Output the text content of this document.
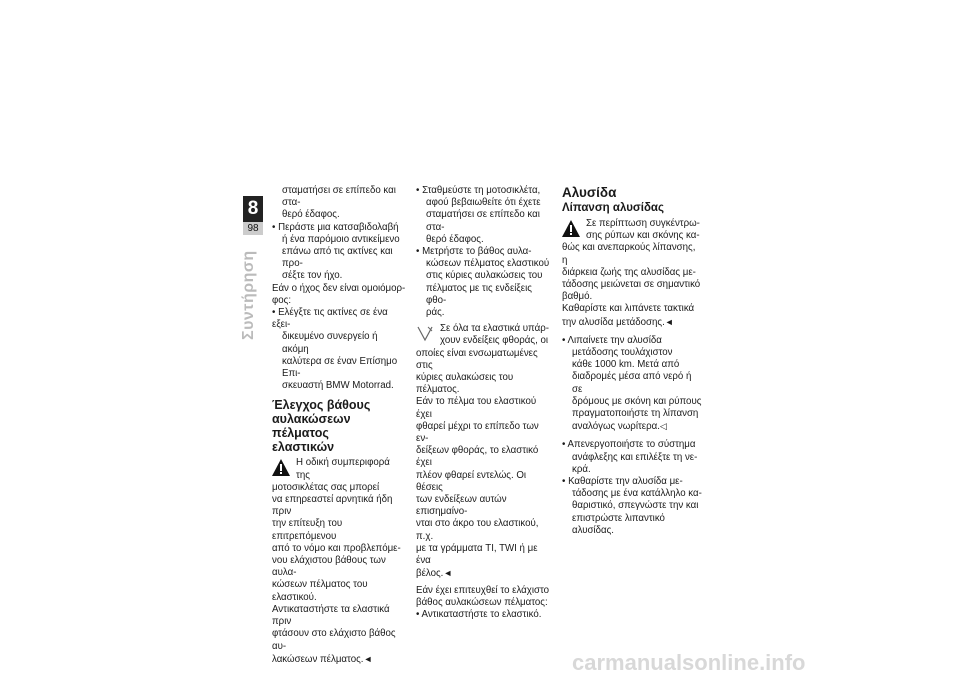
8
98
Συντήρηση

σταματήσει σε επίπεδο και στα-

θερό έδαφος.

• Περάστε μια κατσαβιδολαβή

ή ένα παρόμοιο αντικείμενο

επάνω από τις ακτίνες και προ-

σέξτε τον ήχο.

Εάν ο ήχος δεν είναι ομοιόμορ-

φος:

• Ελέγξτε τις ακτίνες σε ένα εξει-

δικευμένο συνεργείο ή ακόμη

καλύτερα σε έναν Επίσημο Επι-

σκευαστή BMW Motorrad.

Έλεγχος βάθους
αυλακώσεων πέλματος
ελαστικών

Η οδική συμπεριφορά της

μοτοσικλέτας σας μπορεί

να επηρεαστεί αρνητικά ήδη πριν

την επίτευξη του επιτρεπόμενου

από το νόμο και προβλεπόμε-

νου ελάχιστου βάθους των αυλα-

κώσεων πέλματος του ελαστικού.

Αντικαταστήστε τα ελαστικά πριν

φτάσουν στο ελάχιστο βάθος αυ-

λακώσεων πέλματος.◄

• Σταθμεύστε τη μοτοσικλέτα,

αφού βεβαιωθείτε ότι έχετε

σταματήσει σε επίπεδο και στα-

θερό έδαφος.

• Μετρήστε το βάθος αυλα-

κώσεων πέλματος ελαστικού

στις κύριες αυλακώσεις του

πέλματος με τις ενδείξεις φθο-

ράς.

Σε όλα τα ελαστικά υπάρ-

χουν ενδείξεις φθοράς, οι

οποίες είναι ενσωματωμένες στις

κύριες αυλακώσεις του πέλματος.

Εάν το πέλμα του ελαστικού έχει

φθαρεί μέχρι το επίπεδο των εν-

δείξεων φθοράς, το ελαστικό έχει

πλέον φθαρεί εντελώς. Οι θέσεις

των ενδείξεων αυτών επισημαίνο-

νται στο άκρο του ελαστικού, π.χ.

με τα γράμματα TI, TWI ή με ένα

βέλος.◄

Εάν έχει επιτευχθεί το ελάχιστο

βάθος αυλακώσεων πέλματος:

• Αντικαταστήστε το ελαστικό.

Αλυσίδα
Λίπανση αλυσίδας

Σε περίπτωση συγκέντρω-

σης ρύπων και σκόνης κα-

θώς και ανεπαρκούς λίπανσης, η

διάρκεια ζωής της αλυσίδας με-

τάδοσης μειώνεται σε σημαντικό

βαθμό.

Καθαρίστε και λιπάνετε τακτικά

την αλυσίδα μετάδοσης.◄

• Λιπαίνετε την αλυσίδα

μετάδοσης τουλάχιστον

κάθε 1000 km. Μετά από

διαδρομές μέσα από νερό ή σε

δρόμους με σκόνη και ρύπους

πραγματοποιήστε τη λίπανση

αναλόγως νωρίτερα.◁

• Απενεργοποιήστε το σύστημα

ανάφλεξης και επιλέξτε τη νε-

κρά.

• Καθαρίστε την αλυσίδα με-

τάδοσης με ένα κατάλληλο κα-

θαριστικό, σπεγνώστε την και

επιστρώστε λιπαντικό αλυσίδας.

carmanualsonline.info
